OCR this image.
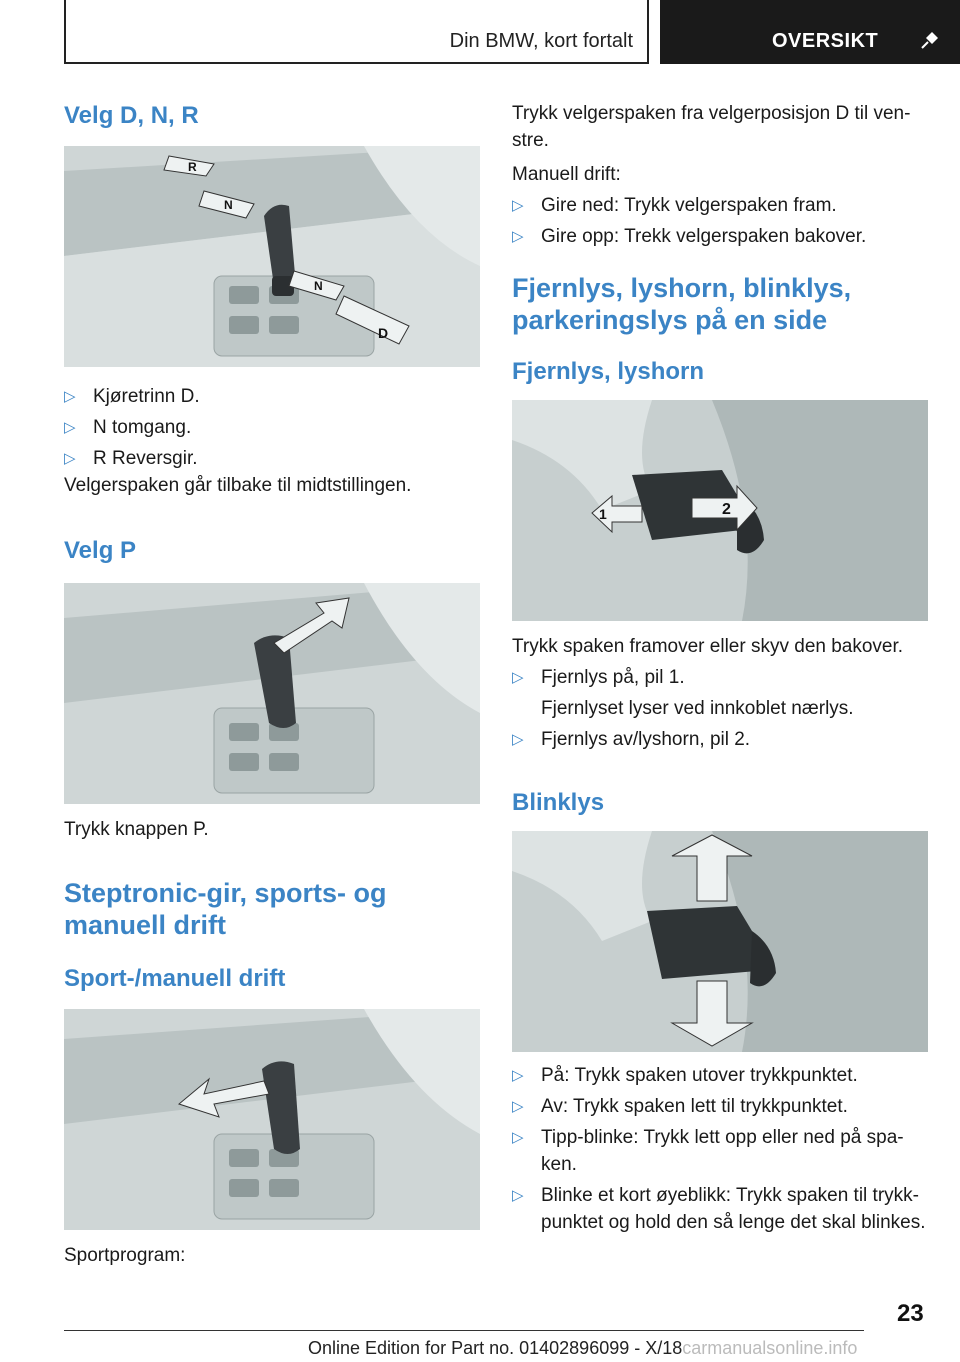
Din BMW, kort fortalt	OVERSIKT
Velg D, N, R
R
N
N
D
▷ Kjøretrinn D.
▷ N tomgang.
▷ R Reversgir.

Velgerspaken går tilbake til midtstillingen.

Velg P

Trykk knappen P.

Steptronic-gir, sports- og
manuell drift
Sport-/manuell drift

Sportprogram:

Trykk velgerspaken fra velgerposisjon D til ven-
stre.

Manuell drift:

▷ Gire ned: Trykk velgerspaken fram.
▷ Gire opp: Trekk velgerspaken bakover.
Fjernlys, lyshorn, blinklys,
parkeringslys på en side
Fjernlys, lyshorn
1	2

Trykk spaken framover eller skyv den bakover.

▷ Fjernlys på, pil 1.
Fjernlyset lyser ved innkoblet nærlys.
▷ Fjernlys av/lyshorn, pil 2.
Blinklys
▷ På: Trykk spaken utover trykkpunktet.
▷ Av: Trykk spaken lett til trykkpunktet.
▷ Tipp-blinke: Trykk lett opp eller ned på spa-
ken.
▷ Blinke et kort øyeblikk: Trykk spaken til trykk-
punktet og hold den så lenge det skal blinkes.
23
Online Edition for Part no. 01402896099 - X/18carmanualsonline.info
